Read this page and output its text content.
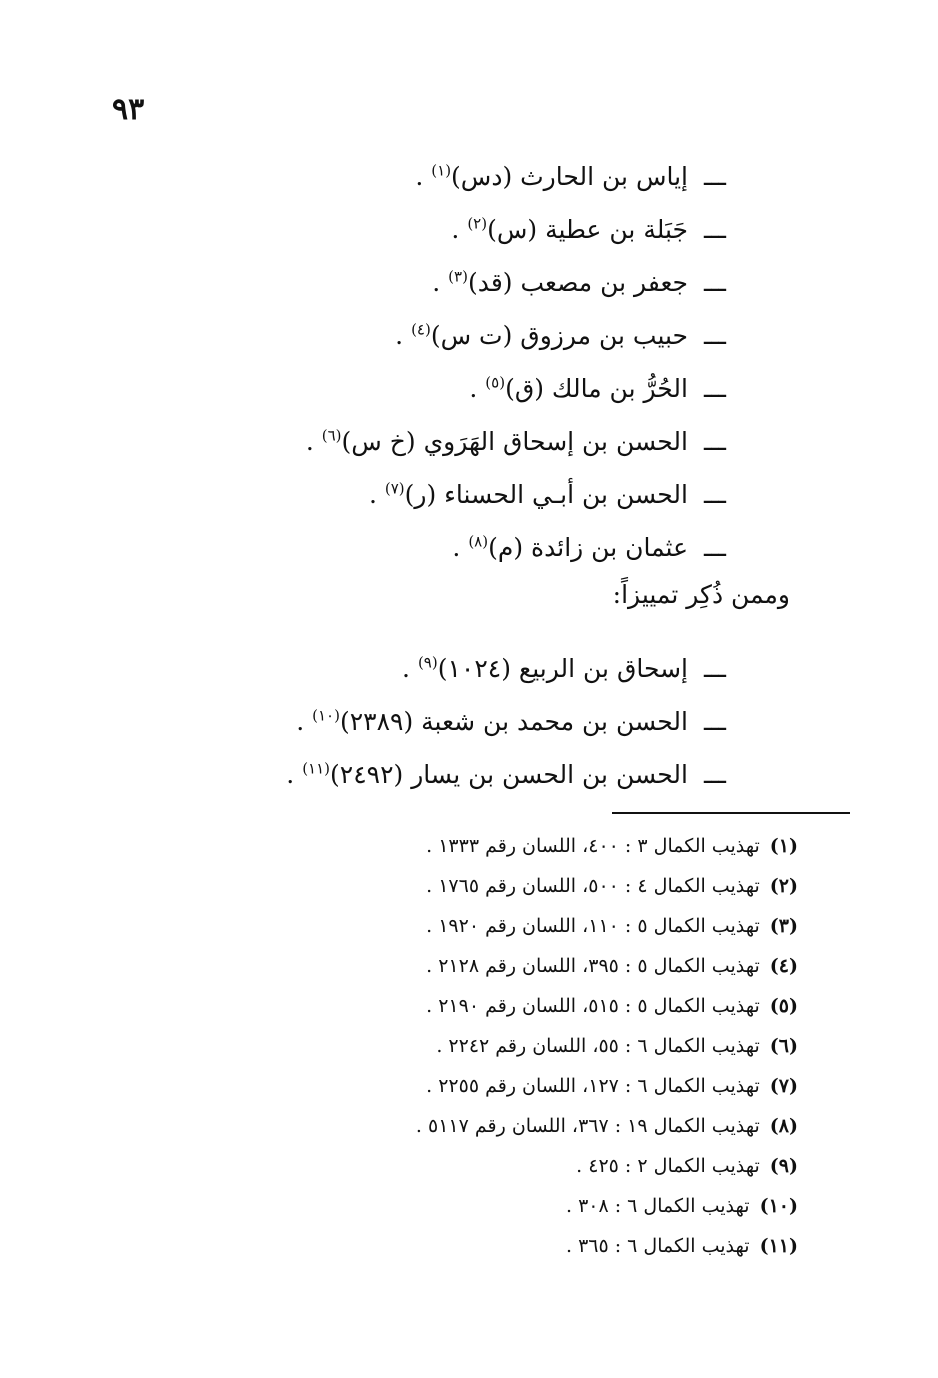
٩٣
ـــإياس بن الحارث (دس)$^{(١)}$ .
ـــجَبَلة بن عطية (س)$^{(٢)}$ .
ـــجعفر بن مصعب (قد)$^{(٣)}$ .
ـــحبيب بن مرزوق (ت س)$^{(٤)}$ .
ـــالحُرُّ بن مالك (ق)$^{(٥)}$ .
ـــالحسن بن إسحاق الهَرَوي (خ س)$^{(٦)}$ .
ـــالحسن بن أبـي الحسناء (ر)$^{(٧)}$ .
ـــعثمان بن زائدة (م)$^{(٨)}$ .
وممن ذُكِر تمييزاً:
ـــإسحاق بن الربيع (١٠٢٤)$^{(٩)}$ .
ـــالحسن بن محمد بن شعبة (٢٣٨٩)$^{(١٠)}$ .
ـــالحسن بن الحسن بن يسار (٢٤٩٢)$^{(١١)}$ .
(١)تهذيب الكمال ٣ : ٤٠٠، اللسان رقم ١٣٣٣ .
(٢)تهذيب الكمال ٤ : ٥٠٠، اللسان رقم ١٧٦٥ .
(٣)تهذيب الكمال ٥ : ١١٠، اللسان رقم ١٩٢٠ .
(٤)تهذيب الكمال ٥ : ٣٩٥، اللسان رقم ٢١٢٨ .
(٥)تهذيب الكمال ٥ : ٥١٥، اللسان رقم ٢١٩٠ .
(٦)تهذيب الكمال ٦ : ٥٥، اللسان رقم ٢٢٤٢ .
(٧)تهذيب الكمال ٦ : ١٢٧، اللسان رقم ٢٢٥٥ .
(٨)تهذيب الكمال ١٩ : ٣٦٧، اللسان رقم ٥١١٧ .
(٩)تهذيب الكمال ٢ : ٤٢٥ .
(١٠)تهذيب الكمال ٦ : ٣٠٨ .
(١١)تهذيب الكمال ٦ : ٣٦٥ .
